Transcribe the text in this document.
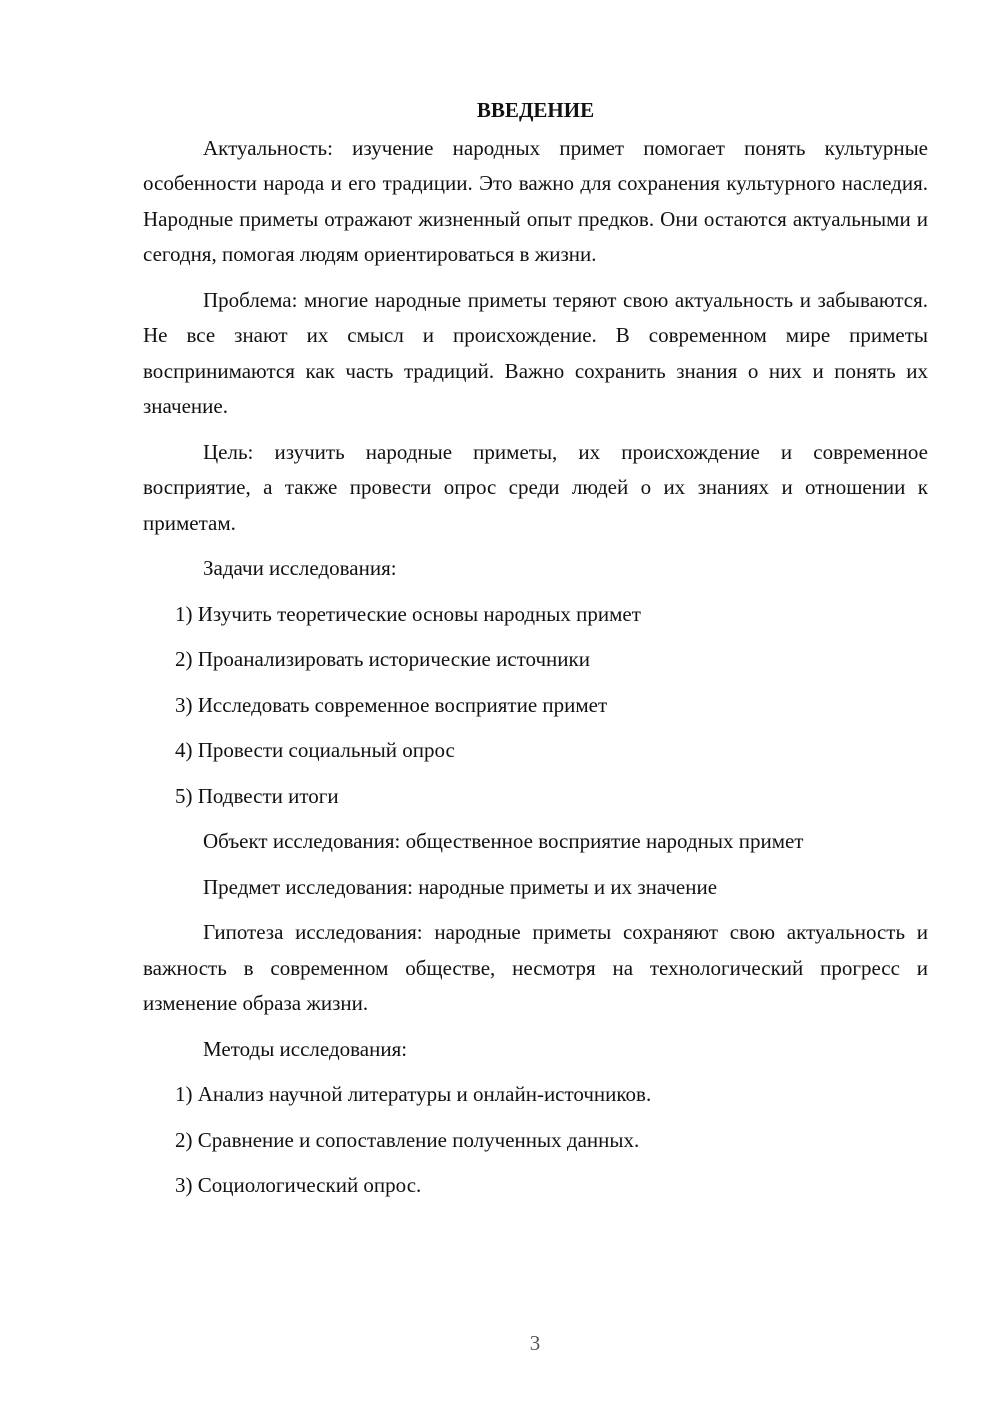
ВВЕДЕНИЕ

Актуальность: изучение народных примет помогает понять культурные особенности народа и его традиции. Это важно для сохранения культурного наследия. Народные приметы отражают жизненный опыт предков. Они остаются актуальными и сегодня, помогая людям ориентироваться в жизни.

Проблема: многие народные приметы теряют свою актуальность и забываются. Не все знают их смысл и происхождение. В современном мире приметы воспринимаются как часть традиций. Важно сохранить знания о них и понять их значение.

Цель: изучить народные приметы, их происхождение и современное восприятие, а также провести опрос среди людей о их знаниях и отношении к приметам.

Задачи исследования:

1) Изучить теоретические основы народных примет

2) Проанализировать исторические источники

3) Исследовать современное восприятие примет

4) Провести социальный опрос

5) Подвести итоги

Объект исследования: общественное восприятие народных примет

Предмет исследования: народные приметы и их значение

Гипотеза исследования: народные приметы сохраняют свою актуальность и важность в современном обществе, несмотря на технологический прогресс и изменение образа жизни.

Методы исследования:

1) Анализ научной литературы и онлайн-источников.

2) Сравнение и сопоставление полученных данных.

3) Социологический опрос.

3
